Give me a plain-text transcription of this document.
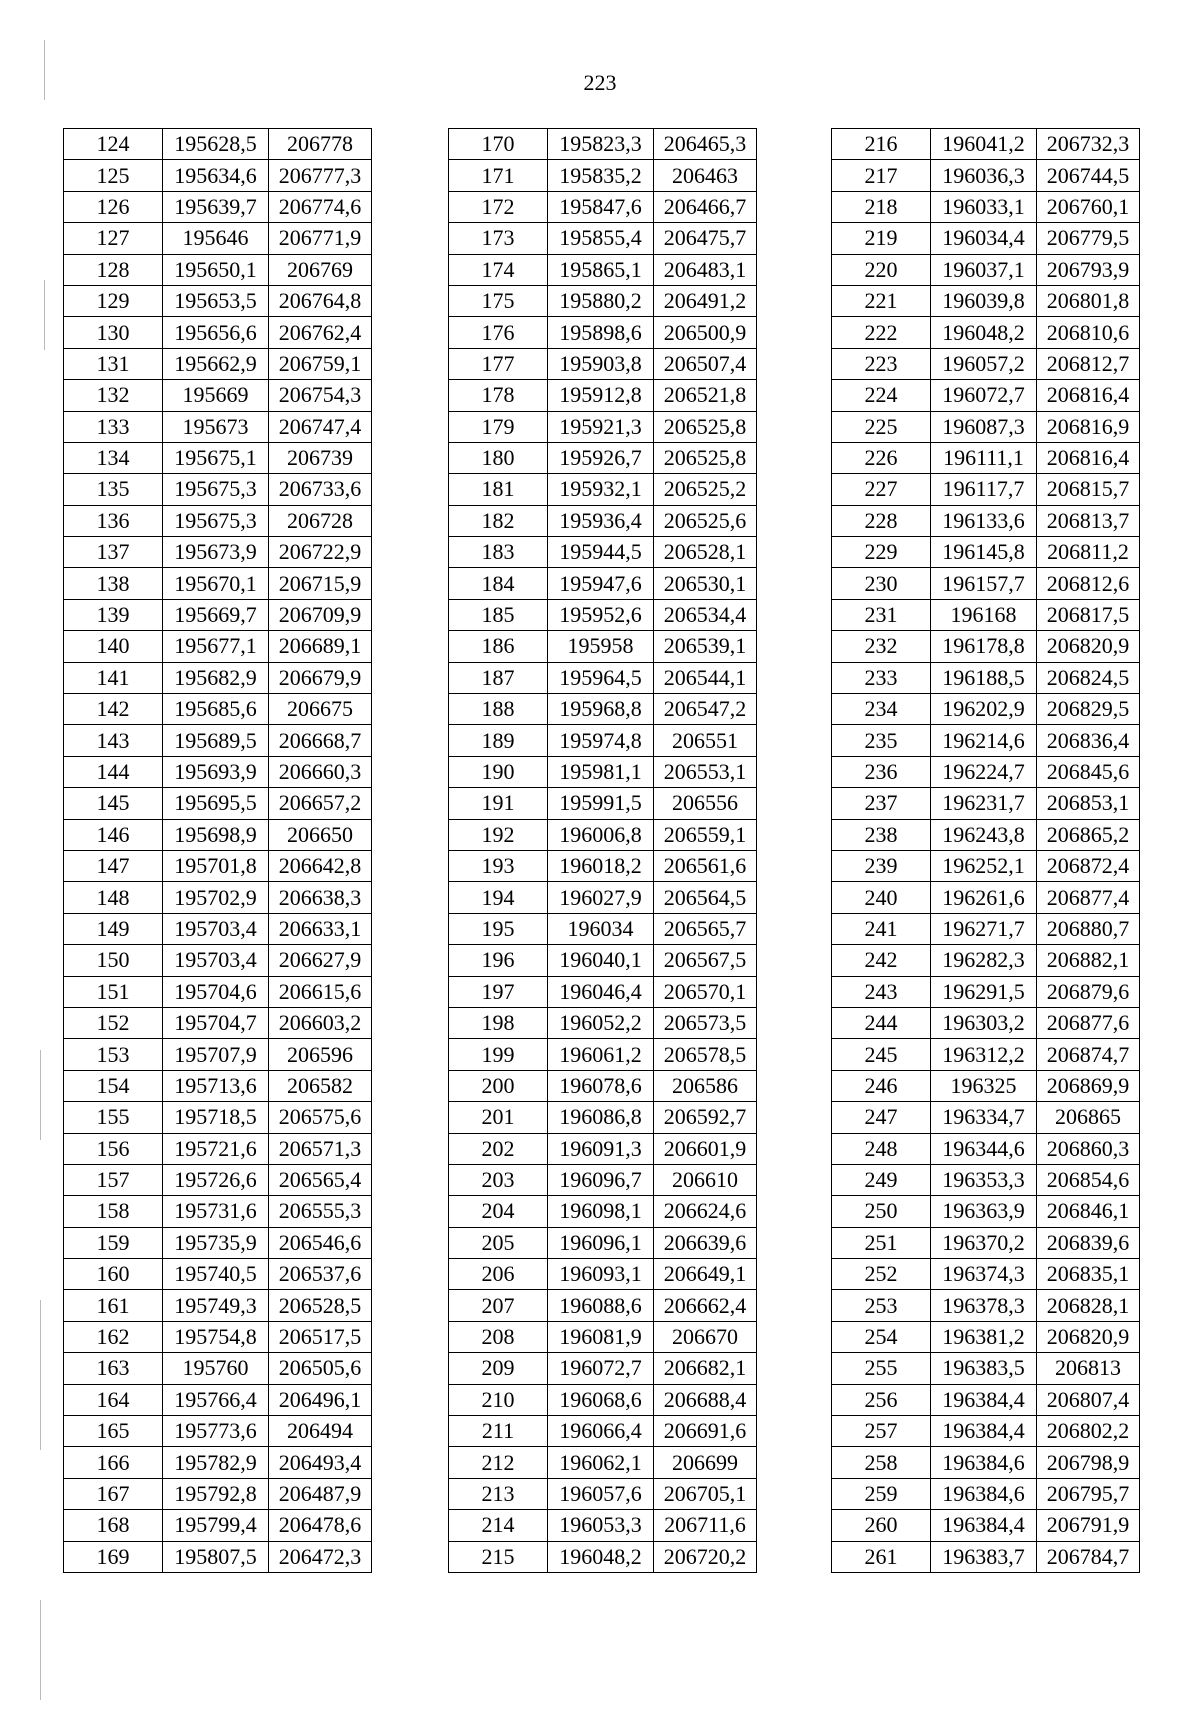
223
124	195628,5	206778
125	195634,6	206777,3
126	195639,7	206774,6
127	195646	206771,9
128	195650,1	206769
129	195653,5	206764,8
130	195656,6	206762,4
131	195662,9	206759,1
132	195669	206754,3
133	195673	206747,4
134	195675,1	206739
135	195675,3	206733,6
136	195675,3	206728
137	195673,9	206722,9
138	195670,1	206715,9
139	195669,7	206709,9
140	195677,1	206689,1
141	195682,9	206679,9
142	195685,6	206675
143	195689,5	206668,7
144	195693,9	206660,3
145	195695,5	206657,2
146	195698,9	206650
147	195701,8	206642,8
148	195702,9	206638,3
149	195703,4	206633,1
150	195703,4	206627,9
151	195704,6	206615,6
152	195704,7	206603,2
153	195707,9	206596
154	195713,6	206582
155	195718,5	206575,6
156	195721,6	206571,3
157	195726,6	206565,4
158	195731,6	206555,3
159	195735,9	206546,6
160	195740,5	206537,6
161	195749,3	206528,5
162	195754,8	206517,5
163	195760	206505,6
164	195766,4	206496,1
165	195773,6	206494
166	195782,9	206493,4
167	195792,8	206487,9
168	195799,4	206478,6
169	195807,5	206472,3
170	195823,3	206465,3
171	195835,2	206463
172	195847,6	206466,7
173	195855,4	206475,7
174	195865,1	206483,1
175	195880,2	206491,2
176	195898,6	206500,9
177	195903,8	206507,4
178	195912,8	206521,8
179	195921,3	206525,8
180	195926,7	206525,8
181	195932,1	206525,2
182	195936,4	206525,6
183	195944,5	206528,1
184	195947,6	206530,1
185	195952,6	206534,4
186	195958	206539,1
187	195964,5	206544,1
188	195968,8	206547,2
189	195974,8	206551
190	195981,1	206553,1
191	195991,5	206556
192	196006,8	206559,1
193	196018,2	206561,6
194	196027,9	206564,5
195	196034	206565,7
196	196040,1	206567,5
197	196046,4	206570,1
198	196052,2	206573,5
199	196061,2	206578,5
200	196078,6	206586
201	196086,8	206592,7
202	196091,3	206601,9
203	196096,7	206610
204	196098,1	206624,6
205	196096,1	206639,6
206	196093,1	206649,1
207	196088,6	206662,4
208	196081,9	206670
209	196072,7	206682,1
210	196068,6	206688,4
211	196066,4	206691,6
212	196062,1	206699
213	196057,6	206705,1
214	196053,3	206711,6
215	196048,2	206720,2
216	196041,2	206732,3
217	196036,3	206744,5
218	196033,1	206760,1
219	196034,4	206779,5
220	196037,1	206793,9
221	196039,8	206801,8
222	196048,2	206810,6
223	196057,2	206812,7
224	196072,7	206816,4
225	196087,3	206816,9
226	196111,1	206816,4
227	196117,7	206815,7
228	196133,6	206813,7
229	196145,8	206811,2
230	196157,7	206812,6
231	196168	206817,5
232	196178,8	206820,9
233	196188,5	206824,5
234	196202,9	206829,5
235	196214,6	206836,4
236	196224,7	206845,6
237	196231,7	206853,1
238	196243,8	206865,2
239	196252,1	206872,4
240	196261,6	206877,4
241	196271,7	206880,7
242	196282,3	206882,1
243	196291,5	206879,6
244	196303,2	206877,6
245	196312,2	206874,7
246	196325	206869,9
247	196334,7	206865
248	196344,6	206860,3
249	196353,3	206854,6
250	196363,9	206846,1
251	196370,2	206839,6
252	196374,3	206835,1
253	196378,3	206828,1
254	196381,2	206820,9
255	196383,5	206813
256	196384,4	206807,4
257	196384,4	206802,2
258	196384,6	206798,9
259	196384,6	206795,7
260	196384,4	206791,9
261	196383,7	206784,7
